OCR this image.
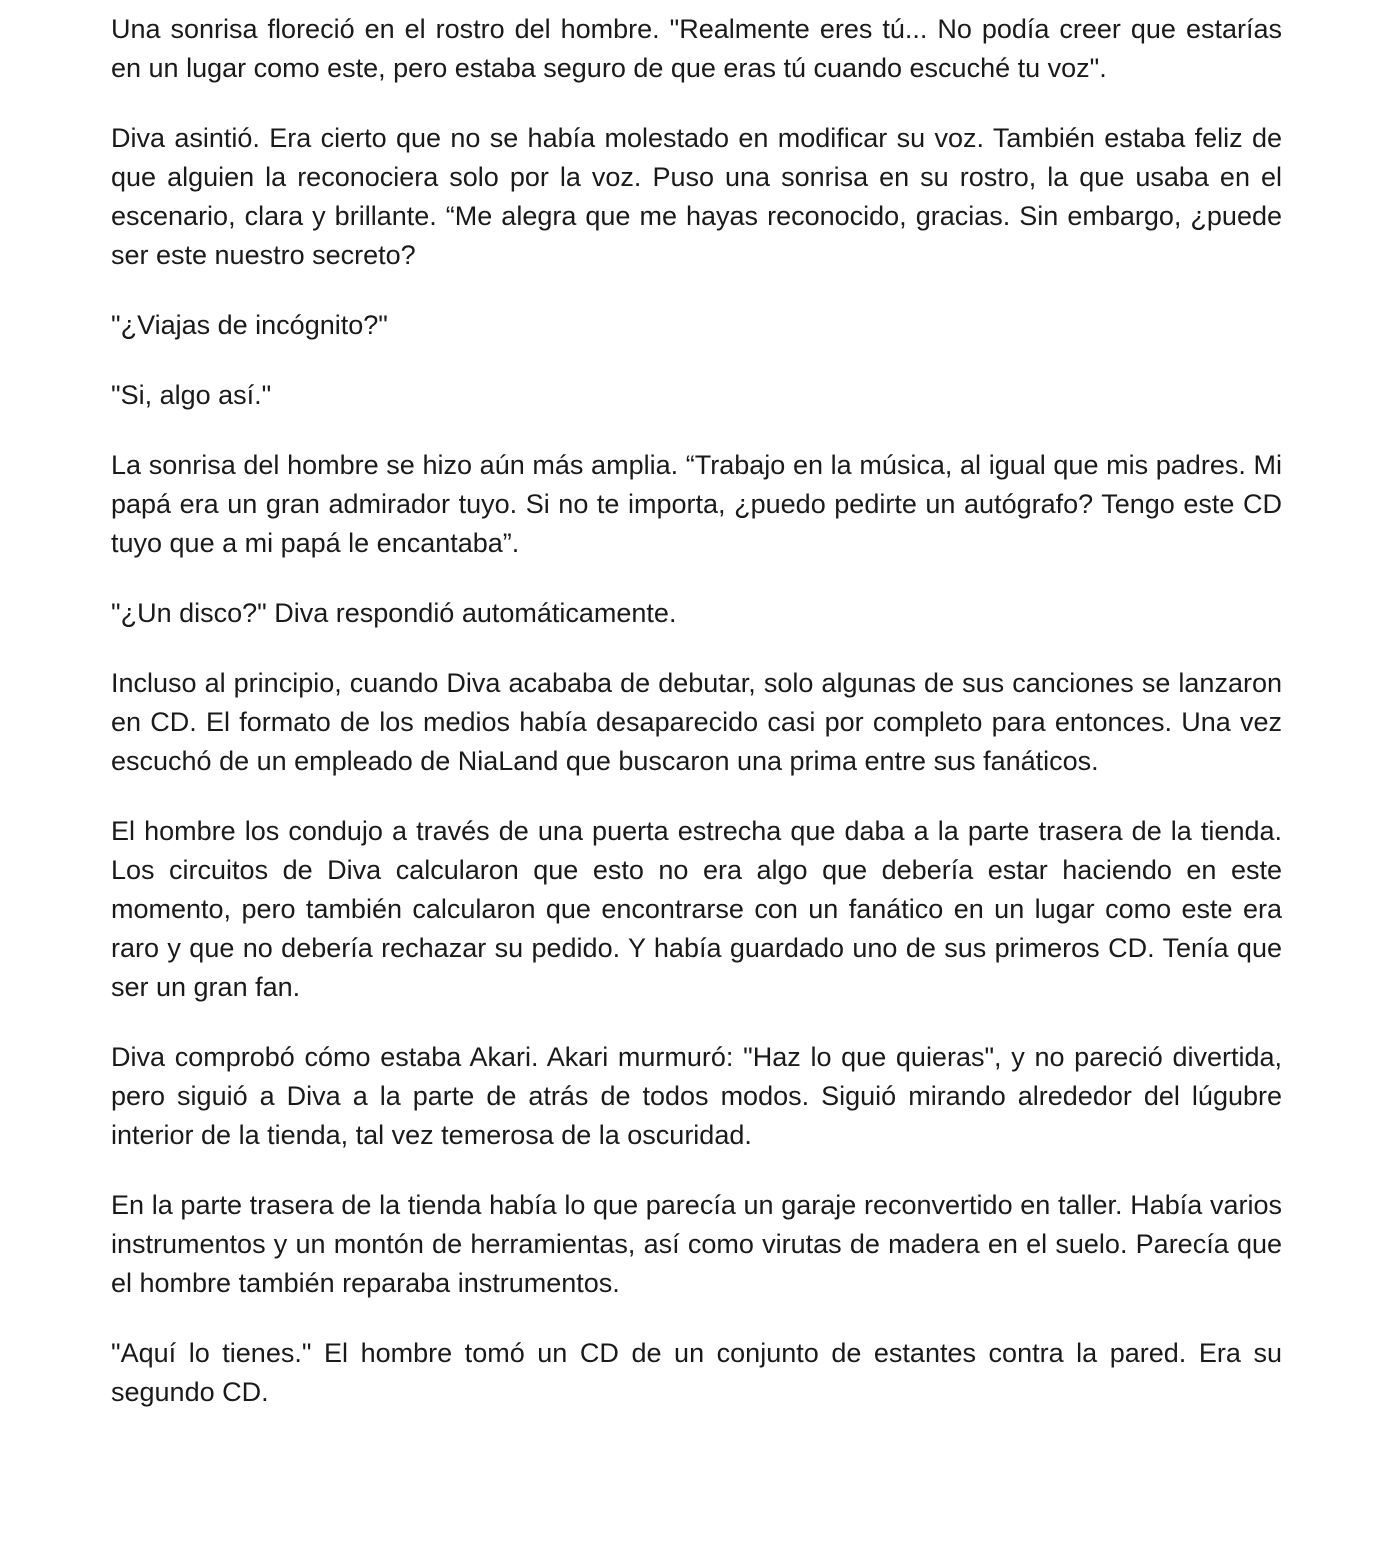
Una sonrisa floreció en el rostro del hombre. "Realmente eres tú... No podía creer que estarías en un lugar como este, pero estaba seguro de que eras tú cuando escuché tu voz".

Diva asintió. Era cierto que no se había molestado en modificar su voz. También estaba feliz de que alguien la reconociera solo por la voz. Puso una sonrisa en su rostro, la que usaba en el escenario, clara y brillante. “Me alegra que me hayas reconocido, gracias. Sin embargo, ¿puede ser este nuestro secreto?

"¿Viajas de incógnito?"

"Si, algo así."

La sonrisa del hombre se hizo aún más amplia. “Trabajo en la música, al igual que mis padres. Mi papá era un gran admirador tuyo. Si no te importa, ¿puedo pedirte un autógrafo? Tengo este CD tuyo que a mi papá le encantaba”.

"¿Un disco?" Diva respondió automáticamente.

Incluso al principio, cuando Diva acababa de debutar, solo algunas de sus canciones se lanzaron en CD. El formato de los medios había desaparecido casi por completo para entonces. Una vez escuchó de un empleado de NiaLand que buscaron una prima entre sus fanáticos.

El hombre los condujo a través de una puerta estrecha que daba a la parte trasera de la tienda. Los circuitos de Diva calcularon que esto no era algo que debería estar haciendo en este momento, pero también calcularon que encontrarse con un fanático en un lugar como este era raro y que no debería rechazar su pedido. Y había guardado uno de sus primeros CD. Tenía que ser un gran fan.

Diva comprobó cómo estaba Akari. Akari murmuró: "Haz lo que quieras", y no pareció divertida, pero siguió a Diva a la parte de atrás de todos modos. Siguió mirando alrededor del lúgubre interior de la tienda, tal vez temerosa de la oscuridad.

En la parte trasera de la tienda había lo que parecía un garaje reconvertido en taller. Había varios instrumentos y un montón de herramientas, así como virutas de madera en el suelo. Parecía que el hombre también reparaba instrumentos.

"Aquí lo tienes." El hombre tomó un CD de un conjunto de estantes contra la pared. Era su segundo CD.
